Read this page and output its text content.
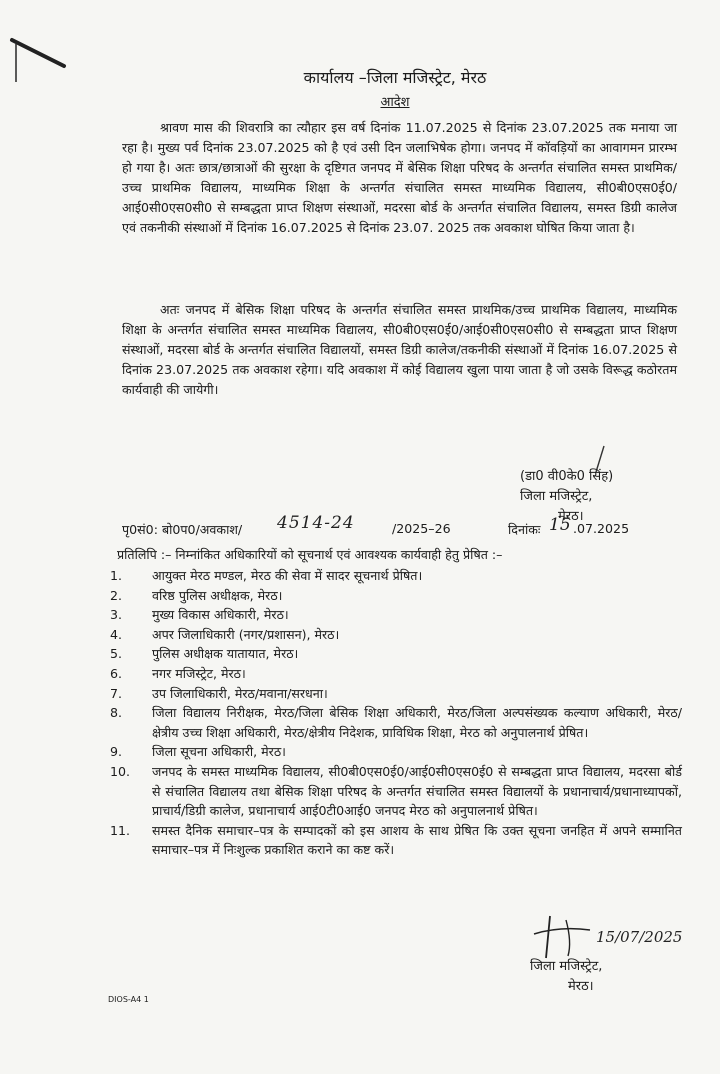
कार्यालय –जिला मजिस्ट्रेट, मेरठ
आदेश
श्रावण मास की शिवरात्रि का त्यौहार इस वर्ष दिनांक 11.07.2025 से दिनांक 23.07.2025 तक मनाया जा रहा है। मुख्य पर्व दिनांक 23.07.2025 को है एवं उसी दिन जलाभिषेक होगा। जनपद में कॉवड़ियों का आवागमन प्रारम्भ हो गया है। अतः छात्र/छात्राओं की सुरक्षा के दृष्टिगत जनपद में बेसिक शिक्षा परिषद के अन्तर्गत संचालित समस्त प्राथमिक/उच्च प्राथमिक विद्यालय, माध्यमिक शिक्षा के अन्तर्गत संचालित समस्त माध्यमिक विद्यालय, सी0बी0एस0ई0/ आई0सी0एस0सी0 से सम्बद्धता प्राप्त शिक्षण संस्थाओं, मदरसा बोर्ड के अन्तर्गत संचालित विद्यालय, समस्त डिग्री कालेज एवं तकनीकी संस्थाओं में दिनांक 16.07.2025 से दिनांक 23.07. 2025 तक अवकाश घोषित किया जाता है।
अतः जनपद में बेसिक शिक्षा परिषद के अन्तर्गत संचालित समस्त प्राथमिक/उच्च प्राथमिक विद्यालय, माध्यमिक शिक्षा के अन्तर्गत संचालित समस्त माध्यमिक विद्यालय, सी0बी0एस0ई0/आई0सी0एस0सी0 से सम्बद्धता प्राप्त शिक्षण संस्थाओं, मदरसा बोर्ड के अन्तर्गत संचालित विद्यालयों, समस्त डिग्री कालेज/तकनीकी संस्थाओं में दिनांक 16.07.2025 से दिनांक 23.07.2025 तक अवकाश रहेगा। यदि अवकाश में कोई विद्यालय खुला पाया जाता है जो उसके विरूद्ध कठोरतम कार्यवाही की जायेगी।
(डा0 वी0के0 सिंह)
जिला मजिस्ट्रेट,
मेरठ।
पृ0सं0: बो0प0/अवकाश/ 4514-24	/2025–26	दिनांकः 15 .07.2025
प्रतिलिपि :– निम्नांकित अधिकारियों को सूचनार्थ एवं आवश्यक कार्यवाही हेतु प्रेषित :–
1.	आयुक्त मेरठ मण्डल, मेरठ की सेवा में सादर सूचनार्थ प्रेषित।
2.	वरिष्ठ पुलिस अधीक्षक, मेरठ।
3.	मुख्य विकास अधिकारी, मेरठ।
4.	अपर जिलाधिकारी (नगर/प्रशासन), मेरठ।
5.	पुलिस अधीक्षक यातायात, मेरठ।
6.	नगर मजिस्ट्रेट, मेरठ।
7.	उप जिलाधिकारी, मेरठ/मवाना/सरधना।
8.	जिला विद्यालय निरीक्षक, मेरठ/जिला बेसिक शिक्षा अधिकारी, मेरठ/जिला अल्पसंख्यक कल्याण अधिकारी, मेरठ/क्षेत्रीय उच्च शिक्षा अधिकारी, मेरठ/क्षेत्रीय निदेशक, प्राविधिक शिक्षा, मेरठ को अनुपालनार्थ प्रेषित।
9.	जिला सूचना अधिकारी, मेरठ।
10.	जनपद के समस्त माध्यमिक विद्यालय, सी0बी0एस0ई0/आई0सी0एस0ई0 से सम्बद्धता प्राप्त विद्यालय, मदरसा बोर्ड से संचालित विद्यालय तथा बेसिक शिक्षा परिषद के अन्तर्गत संचालित समस्त विद्यालयों के प्रधानाचार्य/प्रधानाध्यापकों, प्राचार्य/डिग्री कालेज, प्रधानाचार्य आई0टी0आई0 जनपद मेरठ को अनुपालनार्थ प्रेषित।
11.	समस्त दैनिक समाचार–पत्र के सम्पादकों को इस आशय के साथ प्रेषित कि उक्त सूचना जनहित में अपने सम्मानित समाचार–पत्र में निःशुल्क प्रकाशित कराने का कष्ट करें।
15/07/2025
जिला मजिस्ट्रेट,
मेरठ।
DIOS-A4 1
